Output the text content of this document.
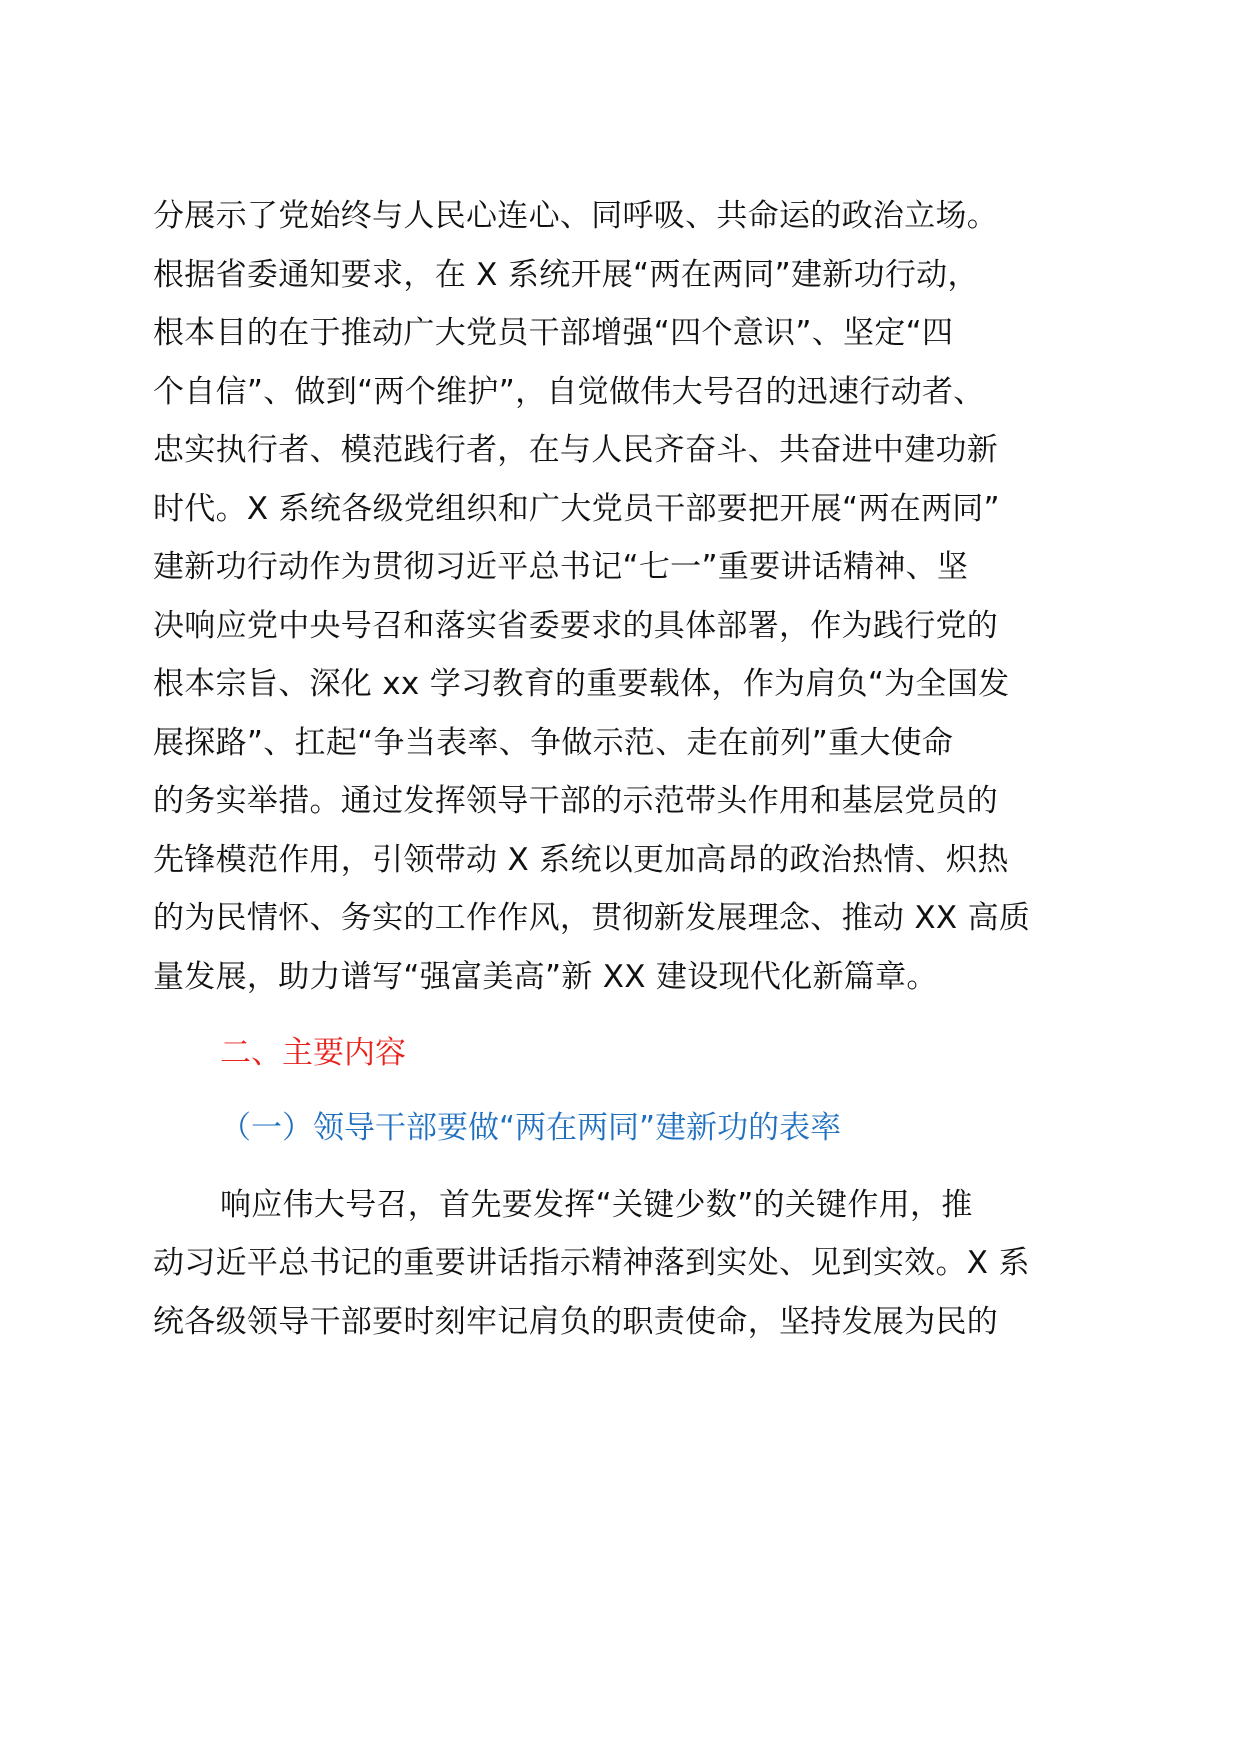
分展示了党始终与人民心连心、同呼吸、共命运的政治立场。
根据省委通知要求，在 X 系统开展“两在两同”建新功行动，
根本目的在于推动广大党员干部增强“四个意识”、坚定“四
个自信”、做到“两个维护”，自觉做伟大号召的迅速行动者、
忠实执行者、模范践行者，在与人民齐奋斗、共奋进中建功新
时代。X 系统各级党组织和广大党员干部要把开展“两在两同”
建新功行动作为贯彻习近平总书记“七一”重要讲话精神、坚
决响应党中央号召和落实省委要求的具体部署，作为践行党的
根本宗旨、深化 xx 学习教育的重要载体，作为肩负“为全国发
展探路”、扛起“争当表率、争做示范、走在前列”重大使命
的务实举措。通过发挥领导干部的示范带头作用和基层党员的
先锋模范作用，引领带动 X 系统以更加高昂的政治热情、炽热
的为民情怀、务实的工作作风，贯彻新发展理念、推动 XX 高质
量发展，助力谱写“强富美高”新 XX 建设现代化新篇章。
二、主要内容
（一）领导干部要做“两在两同”建新功的表率
响应伟大号召，首先要发挥“关键少数”的关键作用，推
动习近平总书记的重要讲话指示精神落到实处、见到实效。X 系
统各级领导干部要时刻牢记肩负的职责使命，坚持发展为民的
